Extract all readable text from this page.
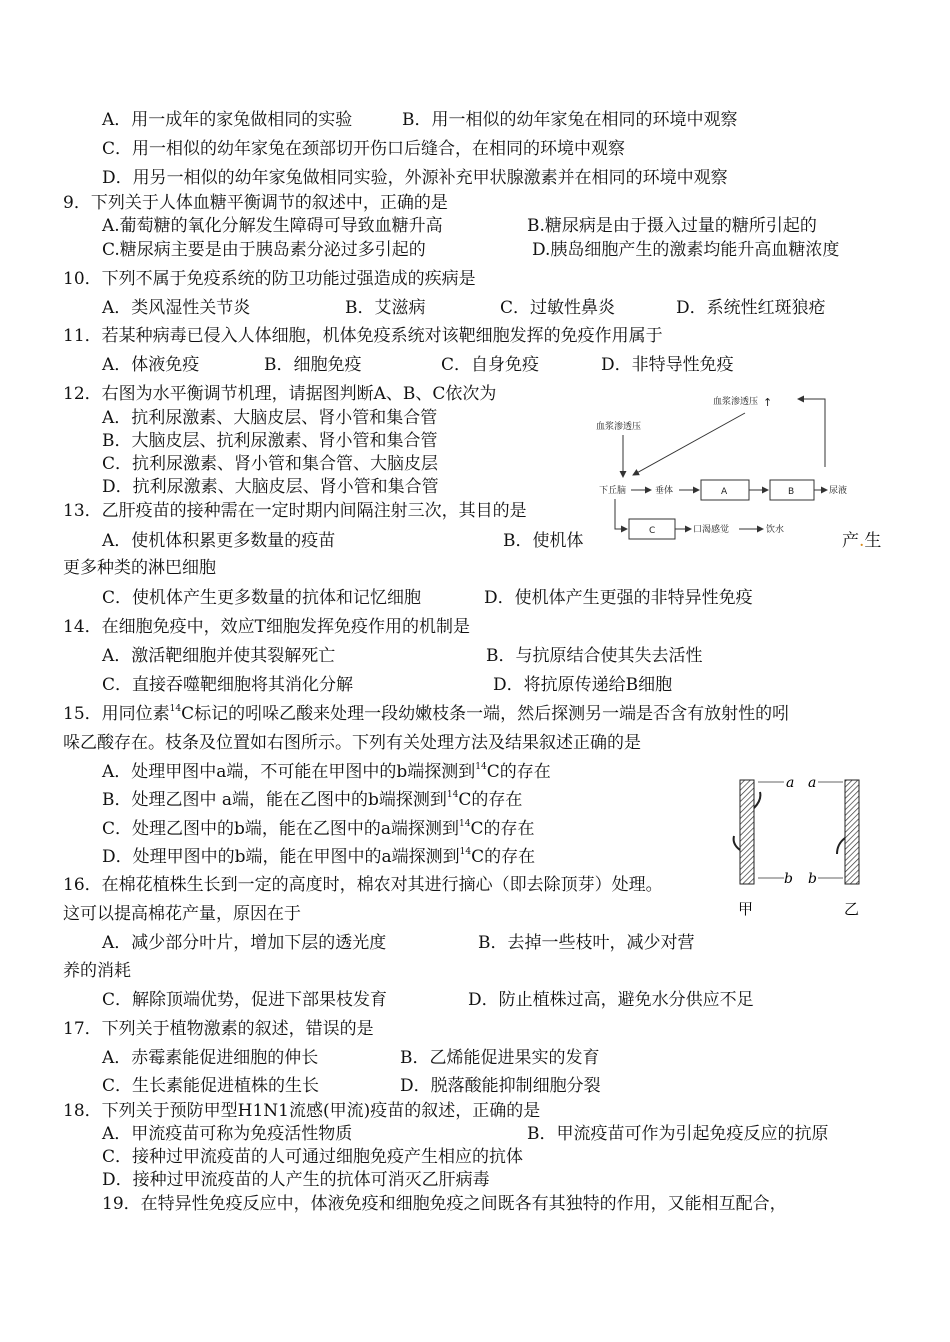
A．用一成年的家兔做相同的实验	B．用一相似的幼年家兔在相同的环境中观察
C．用一相似的幼年家兔在颈部切开伤口后缝合，在相同的环境中观察
D．用另一相似的幼年家兔做相同实验，外源补充甲状腺激素并在相同的环境中观察
9．下列关于人体血糖平衡调节的叙述中，正确的是
A.葡萄糖的氧化分解发生障碍可导致血糖升高	B.糖尿病是由于摄入过量的糖所引起的
C.糖尿病主要是由于胰岛素分泌过多引起的	D.胰岛细胞产生的激素均能升高血糖浓度
10．下列不属于免疫系统的防卫功能过强造成的疾病是
A．类风湿性关节炎	B．艾滋病	C．过敏性鼻炎	D．系统性红斑狼疮
11．若某种病毒已侵入人体细胞，机体免疫系统对该靶细胞发挥的免疫作用属于
A．体液免疫	B．细胞免疫	C．自身免疫	D．非特导性免疫
12．右图为水平衡调节机理，请据图判断A、B、C依次为
A．抗利尿激素、大脑皮层、肾小管和集合管
B．大脑皮层、抗利尿激素、肾小管和集合管
C．抗利尿激素、肾小管和集合管、大脑皮层
D．抗利尿激素、大脑皮层、肾小管和集合管
血浆渗透压 ↑
血浆渗透压
下丘脑	垂体	A	B	尿液
C	口渴感觉	饮水
13．乙肝疫苗的接种需在一定时期内间隔注射三次，其目的是
A．使机体积累更多数量的疫苗	B．使机体	产.生
更多种类的淋巴细胞
C．使机体产生更多数量的抗体和记忆细胞	D．使机体产生更强的非特异性免疫
14．在细胞免疫中，效应T细胞发挥免疫作用的机制是
A．激活靶细胞并使其裂解死亡	B．与抗原结合使其失去活性
C．直接吞噬靶细胞将其消化分解	D．将抗原传递给B细胞
15．用同位素$^{14}$C标记的吲哚乙酸来处理一段幼嫩枝条一端，然后探测另一端是否含有放射性的吲
哚乙酸存在。枝条及位置如右图所示。下列有关处理方法及结果叙述正确的是
A．处理甲图中a端，不可能在甲图中的b端探测到$^{14}$C的存在
B．处理乙图中 a端，能在乙图中的b端探测到$^{14}$C的存在
C．处理乙图中的b端，能在乙图中的a端探测到$^{14}$C的存在
D．处理甲图中的b端，能在甲图中的a端探测到$^{14}$C的存在
a
b
a
b
甲	乙
16．在棉花植株生长到一定的高度时，棉农对其进行摘心（即去除顶芽）处理。
这可以提高棉花产量，原因在于
A．减少部分叶片，增加下层的透光度	B．去掉一些枝叶，减少对营
养的消耗
C．解除顶端优势，促进下部果枝发育	D．防止植株过高，避免水分供应不足
17．下列关于植物激素的叙述，错误的是
A．赤霉素能促进细胞的伸长	B．乙烯能促进果实的发育
C．生长素能促进植株的生长	D．脱落酸能抑制细胞分裂
18．下列关于预防甲型H1N1流感(甲流)疫苗的叙述，正确的是
A．甲流疫苗可称为免疫活性物质	B．甲流疫苗可作为引起免疫反应的抗原
C．接种过甲流疫苗的人可通过细胞免疫产生相应的抗体
D．接种过甲流疫苗的人产生的抗体可消灭乙肝病毒
19．在特异性免疫反应中，体液免疫和细胞免疫之间既各有其独特的作用，又能相互配合，
